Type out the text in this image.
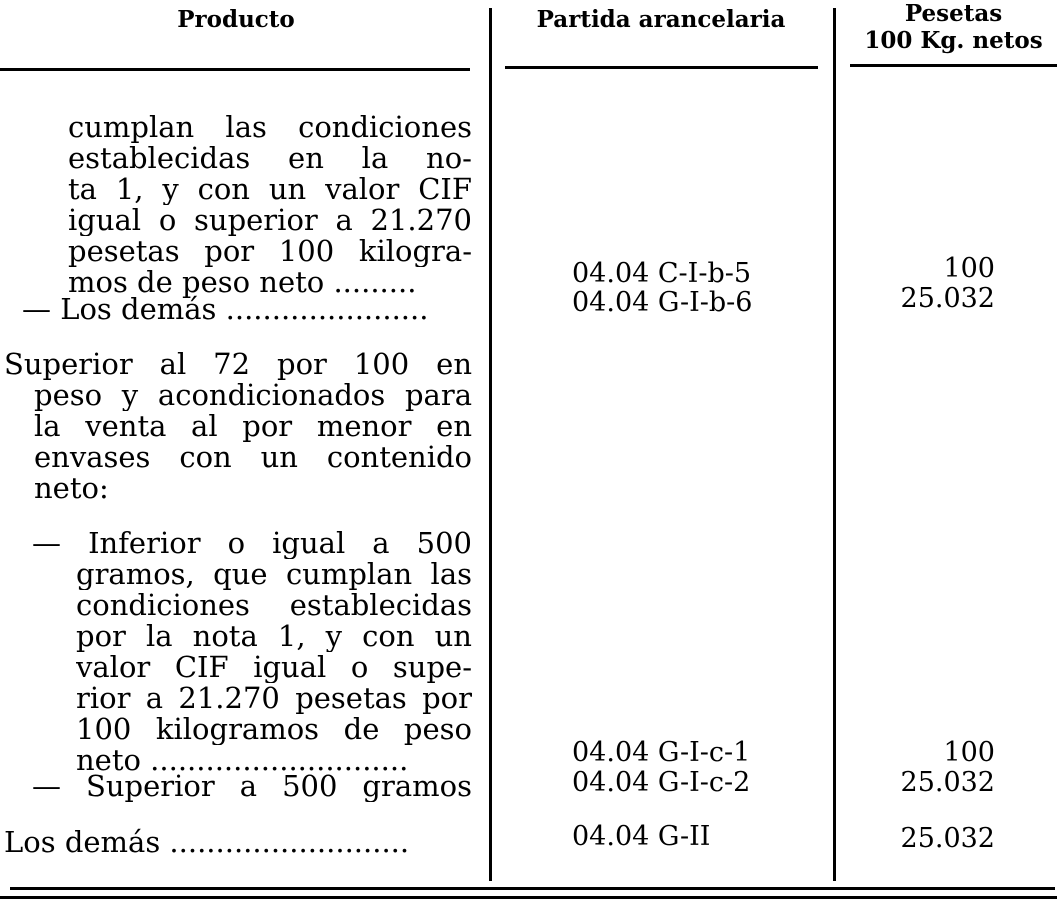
Producto	Partida arancelaria	Pesetas
100 Kg. netos
cumplan las condiciones
establecidas en la no-
ta 1, y con un valor CIF
igual o superior a 21.270
pesetas por 100 kilogra-
mos de peso neto .........	04.04 C-I-b-5	100
— Los demás ......................	04.04 G-I-b-6	25.032
Superior al 72 por 100 en
peso y acondicionados para
la venta al por menor en
envases con un contenido
neto:
— Inferior o igual a 500
gramos, que cumplan las
condiciones establecidas
por la nota 1, y con un
valor CIF igual o supe-
rior a 21.270 pesetas por
100 kilogramos de peso
neto ............................	04.04 G-I-c-1	100
— Superior a 500 gramos	04.04 G-I-c-2	25.032
Los demás ..........................	04.04 G-II	25.032
